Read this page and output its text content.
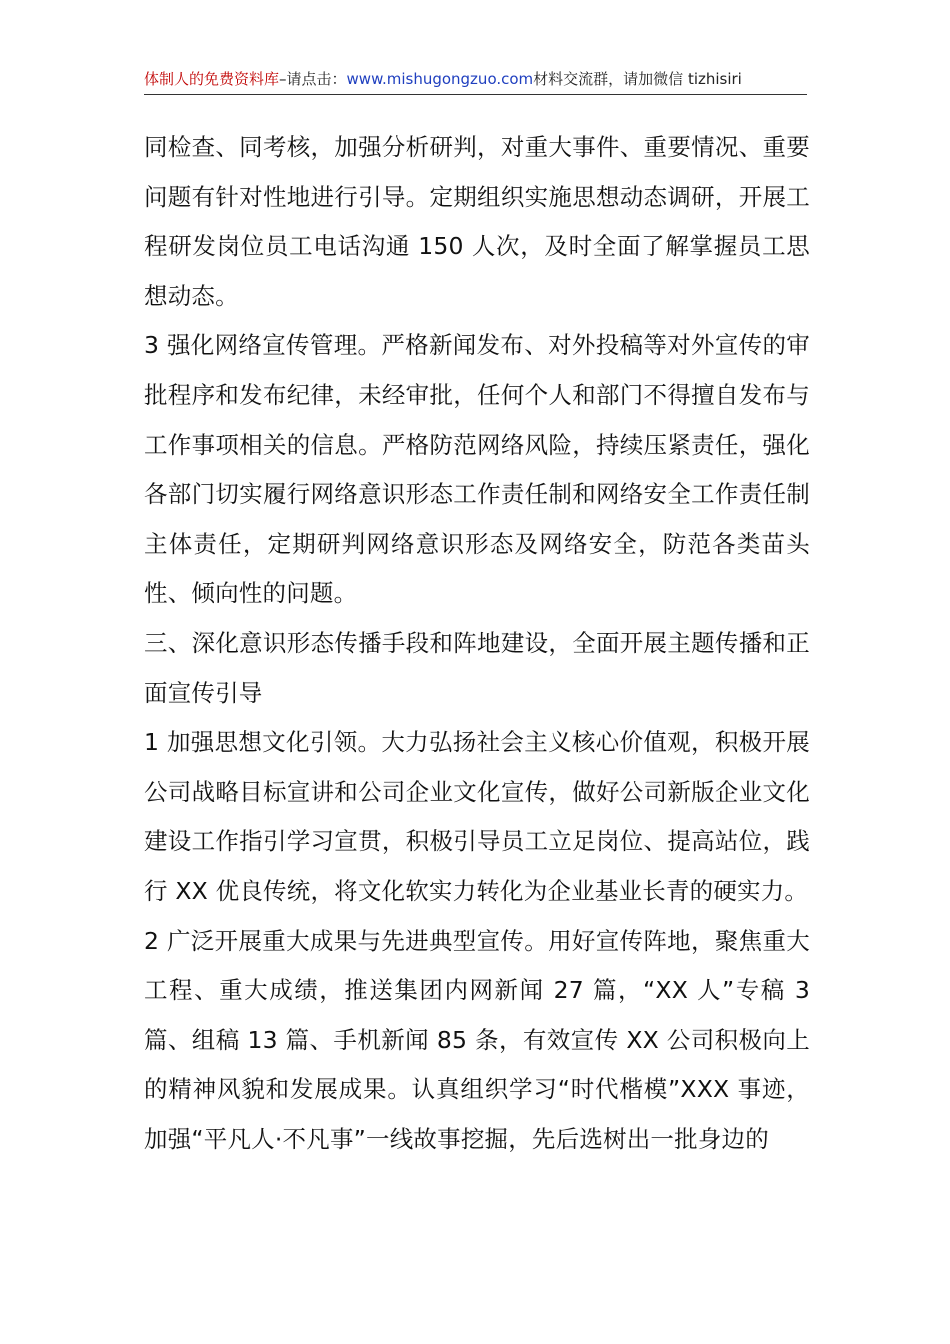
体制人的免费资料库–请点击：www.mishugongzuo.com材料交流群，请加微信 tizhisiri

同检查、同考核，加强分析研判，对重大事件、重要情况、重要问题有针对性地进行引导。定期组织实施思想动态调研，开展工程研发岗位员工电话沟通 150 人次，及时全面了解掌握员工思想动态。

3 强化网络宣传管理。严格新闻发布、对外投稿等对外宣传的审批程序和发布纪律，未经审批，任何个人和部门不得擅自发布与工作事项相关的信息。严格防范网络风险，持续压紧责任，强化各部门切实履行网络意识形态工作责任制和网络安全工作责任制主体责任，定期研判网络意识形态及网络安全，防范各类苗头性、倾向性的问题。

三、深化意识形态传播手段和阵地建设，全面开展主题传播和正面宣传引导

1 加强思想文化引领。大力弘扬社会主义核心价值观，积极开展公司战略目标宣讲和公司企业文化宣传，做好公司新版企业文化建设工作指引学习宣贯，积极引导员工立足岗位、提高站位，践行 XX 优良传统，将文化软实力转化为企业基业长青的硬实力。

2 广泛开展重大成果与先进典型宣传。用好宣传阵地，聚焦重大工程、重大成绩，推送集团内网新闻 27 篇，“XX 人”专稿 3 篇、组稿 13 篇、手机新闻 85 条，有效宣传 XX 公司积极向上的精神风貌和发展成果。认真组织学习“时代楷模”XXX 事迹，加强“平凡人·不凡事”一线故事挖掘，先后选树出一批身边的
